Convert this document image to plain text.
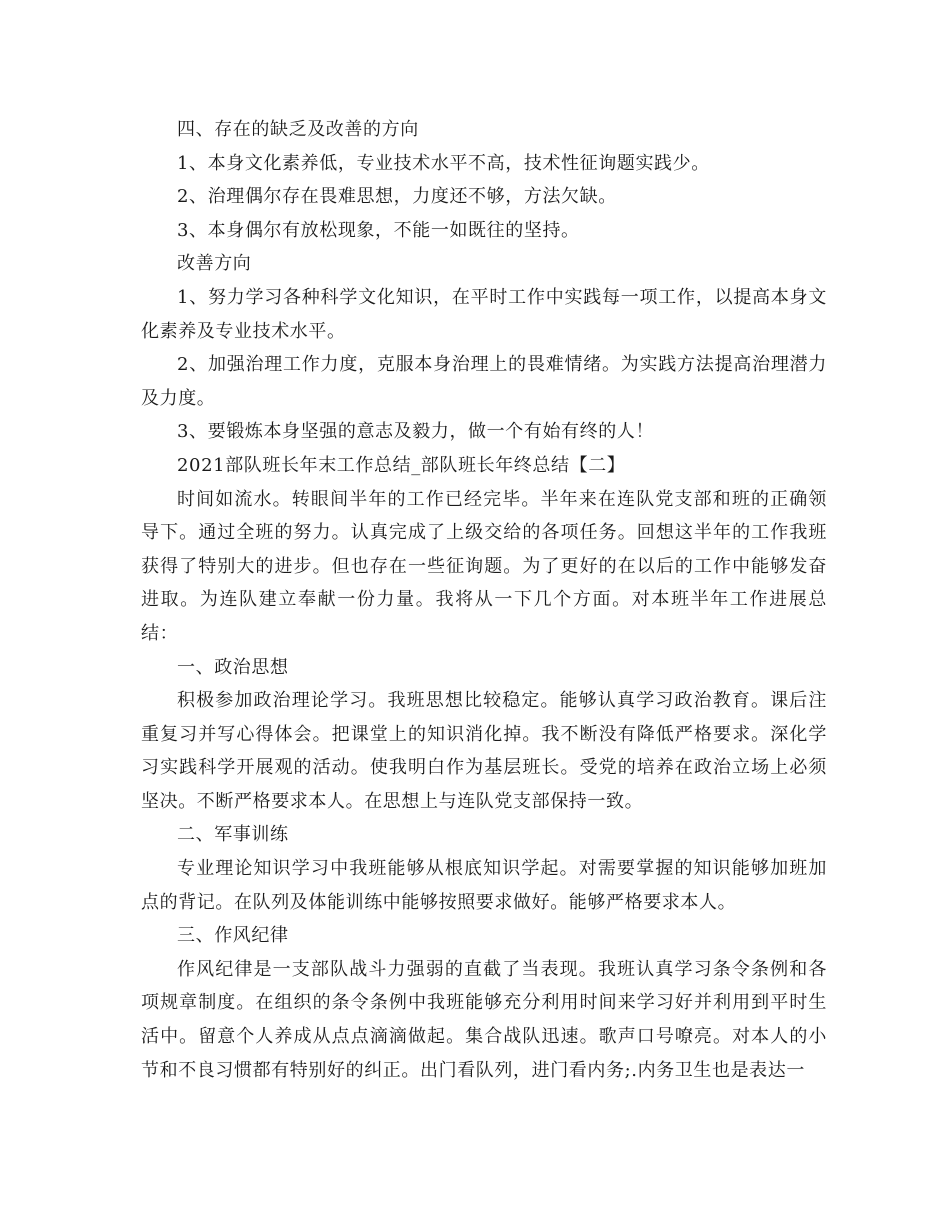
四、存在的缺乏及改善的方向

1、本身文化素养低，专业技术水平不高，技术性征询题实践少。

2、治理偶尔存在畏难思想，力度还不够，方法欠缺。

3、本身偶尔有放松现象，不能一如既往的坚持。

改善方向

1、努力学习各种科学文化知识，在平时工作中实践每一项工作，以提高本身文化素养及专业技术水平。

2、加强治理工作力度，克服本身治理上的畏难情绪。为实践方法提高治理潜力及力度。

3、要锻炼本身坚强的意志及毅力，做一个有始有终的人！

2021部队班长年末工作总结_部队班长年终总结【二】

时间如流水。转眼间半年的工作已经完毕。半年来在连队党支部和班的正确领导下。通过全班的努力。认真完成了上级交给的各项任务。回想这半年的工作我班获得了特别大的进步。但也存在一些征询题。为了更好的在以后的工作中能够发奋进取。为连队建立奉献一份力量。我将从一下几个方面。对本班半年工作进展总结：

一、政治思想

积极参加政治理论学习。我班思想比较稳定。能够认真学习政治教育。课后注重复习并写心得体会。把课堂上的知识消化掉。我不断没有降低严格要求。深化学习实践科学开展观的活动。使我明白作为基层班长。受党的培养在政治立场上必须坚决。不断严格要求本人。在思想上与连队党支部保持一致。

二、军事训练

专业理论知识学习中我班能够从根底知识学起。对需要掌握的知识能够加班加点的背记。在队列及体能训练中能够按照要求做好。能够严格要求本人。

三、作风纪律

作风纪律是一支部队战斗力强弱的直截了当表现。我班认真学习条令条例和各项规章制度。在组织的条令条例中我班能够充分利用时间来学习好并利用到平时生活中。留意个人养成从点点滴滴做起。集合战队迅速。歌声口号嘹亮。对本人的小节和不良习惯都有特别好的纠正。出门看队列，进门看内务;.内务卫生也是表达一
